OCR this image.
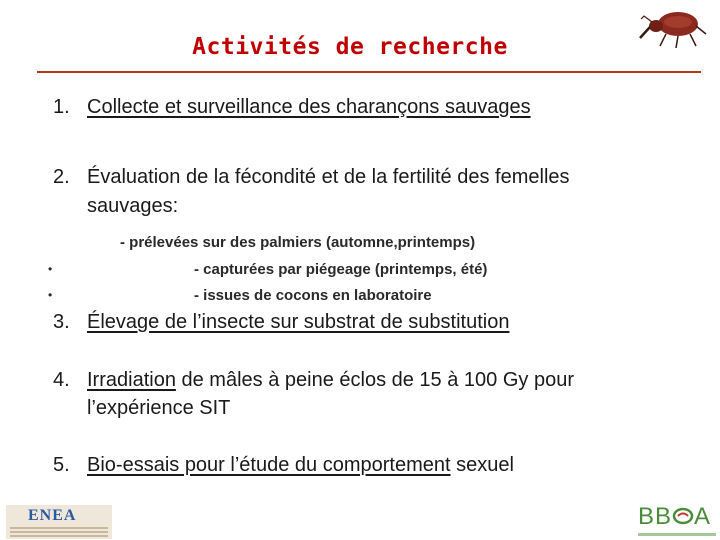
Activités de recherche
1. Collecte et surveillance des charançons sauvages
2. Évaluation de la fécondité et de la fertilité des femelles
sauvages:
- prélevées sur des palmiers (automne,printemps)
•	- capturées par piégeage (printemps, été)
•	- issues de cocons en laboratoire
3. Élevage de l’insecte sur substrat de substitution
4. Irradiation de mâles à peine éclos de 15 à 100 Gy pour
l’expérience SIT
5. Bio-essais pour l’étude du comportement sexuel
ENEA	BB A
